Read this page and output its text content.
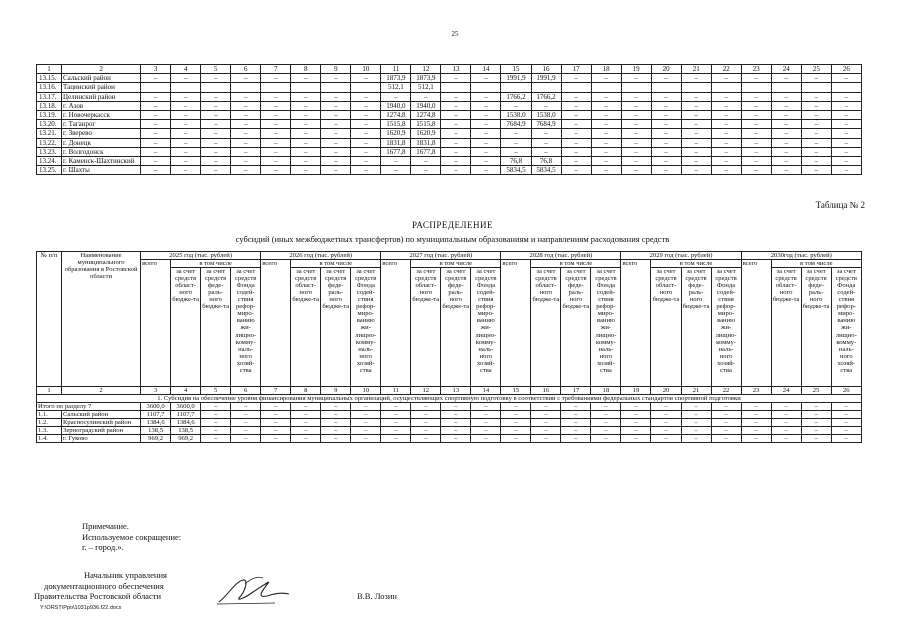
25
1	2	3	4	5	6	7	8	9	10	11	12	13	14	15	16	17	18	19	20	21	22	23	24	25	26
13.15.	Сальский район	–	–	–	–	–	–	–	–	1873,9	1873,9	–	–	1991,9	1991,9	–	–	–	–	–	–	–	–	–	–
13.16.	Тацинский район									512,1	512,1														
13.17.	Целинский район	–	–	–	–	–	–	–	–	–	–	–	–	1766,2	1766,2	–	–	–	–	–	–	–	–	–	–
13.18.	г. Азов	–	–	–	–	–	–	–	–	1940,0	1940,0	–	–	–	–	–	–	–	–	–	–	–	–	–	–
13.19.	г. Новочеркасск	–	–	–	–	–	–	–	–	1274,8	1274,8	–	–	1538,0	1538,0	–	–	–	–	–	–	–	–	–	–
13.20.	г. Таганрог	–	–	–	–	–	–	–	–	1515,8	1515,8	–	–	7684,9	7684,9	–	–	–	–	–	–	–	–	–	–
13.21.	г. Зверево	–	–	–	–	–	–	–	–	1620,9	1620,9	–	–	–	–	–	–	–	–	–	–	–	–	–	–
13.22.	г. Донецк	–	–	–	–	–	–	–	–	1831,8	1831,8	–	–	–	–	–	–	–	–	–	–	–	–	–	–
13.23.	г. Волгодонск	–	–	–	–	–	–	–	–	1677,8	1677,8	–	–	–	–	–	–	–	–	–	–	–	–	–	–
13.24.	г. Каменск-Шахтинский	–	–	–	–	–	–	–	–	–	–	–	–	76,8	76,8	–	–	–	–	–	–	–	–	–	–
13.25.	г. Шахты	–	–	–	–	–	–	–	–	–	–	–	–	5834,5	5834,5	–	–	–	–	–	–	–	–	–	–
Таблица № 2
РАСПРЕДЕЛЕНИЕ
субсидий (иных межбюджетных трансфертов) по муниципальным образованиям и направлениям расходования средств
№ п/п	Наименование муниципального образования в Ростовской области	2025 год (тыс. рублей)				2026 год (тыс. рублей)				2027 год (тыс. рублей)				2028 год (тыс. рублей)				2029 год (тыс. рублей)				2030год (тыс. рублей)			
		всего	в том числе			всего	в том числе			всего	в том числе			всего	в том числе			всего	в том числе			всего	в том числе		
			за счет средств област-ного бюдже-та	за счет средств феде-раль-ного бюдже-та	за счет средств Фонда содей-ствия рефор-миро-ванию жи-лищно-комму-наль-ного хозяй-ства		за счет средств област-ного бюдже-та	за счет средств феде-раль-ного бюдже-та	за счет средств Фонда содей-ствия рефор-миро-ванию жи-лищно-комму-наль-ного хозяй-ства		за счет средств област-ного бюдже-та	за счет средств феде-раль-ного бюдже-та	за счет средств Фонда содей-ствия рефор-миро-ванию жи-лищно-комму-наль-ного хозяй-ства		за счет средств област-ного бюдже-та	за счет средств феде-раль-ного бюдже-та	за счет средств Фонда содей-ствия рефор-миро-ванию жи-лищно-комму-наль-ного хозяй-ства		за счет средств област-ного бюдже-та	за счет средств феде-раль-ного бюдже-та	за счет средств Фонда содей-ствия рефор-миро-ванию жи-лищно-комму-наль-ного хозяй-ства		за счет средств област-ного бюдже-та	за счет средств феде-раль-ного бюдже-та	за счет средств Фонда содей-ствия рефор-миро-ванию жи-лищно-комму-наль-ного хозяй-ства
1	2	3	4	5	6	7	8	9	10	11	12	13	14	15	16	17	18	19	20	21	22	23	24	25	26
1. Субсидия на обеспечение уровня финансирования муниципальных организаций, осуществляющих спортивную подготовку в соответствии с требованиями федеральных стандартов спортивной подготовки																									
Итого по разделу 7		3600,0	3600,0	–	–	–	–	–	–	–	–	–	–	–	–	–	–	–	–	–	–	–	–	–	–
1.1.	Сальский район	1107,7	1107,7	–	–	–	–	–	–	–	–	–	–	–	–	–	–	–	–	–	–	–	–	–	–
1.2.	Красносулинский район	1384,6	1384,6	–	–	–	–	–	–	–	–	–	–	–	–	–	–	–	–	–	–	–	–	–	–
1.3.	Зерноградский район	138,5	138,5	–	–	–	–	–	–	–	–	–	–	–	–	–	–	–	–	–	–	–	–	–	–
1.4.	г. Гуково	969,2	969,2	–	–	–	–	–	–	–	–	–	–	–	–	–	–	–	–	–	–	–	–	–	–
Примечание.
Используемое сокращение:
г. – город.».
Начальник управления
документационного обеспечения
Правительства Ростовской области	В.В. Лозин
Y:\ORST\Ppo\1031p936.f22.docx
